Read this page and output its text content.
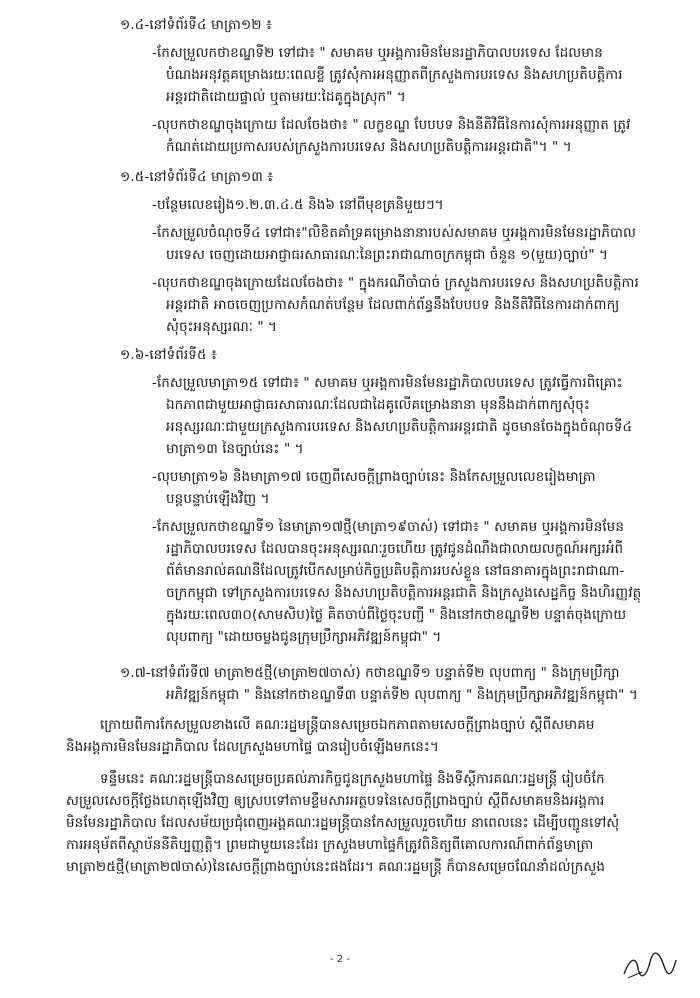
១.៤-នៅទំព័រទី៤ មាត្រា១២ ៖
-កែសម្រួលកថាខណ្ឌទី២ ទៅជា៖ " សមាគម ឬអង្គការមិនមែនរដ្ឋាភិបាលបរទេស ដែលមាន
បំណងអនុវត្តគម្រោងរយៈពេលខ្លី ត្រូវសុំការអនុញ្ញាតពីក្រសួងការបរទេស និងសហប្រតិបត្តិការ
អន្តរជាតិដោយផ្ទាល់ ឬតាមរយៈដៃគូក្នុងស្រុក" ។
-លុបកថាខណ្ឌចុងក្រោយ ដែលចែងថា៖ " លក្ខខណ្ឌ បែបបទ និងនីតិវិធីនៃការសុំការអនុញ្ញាត ត្រូវ
កំណត់ដោយប្រកាសរបស់ក្រសួងការបរទេស និងសហប្រតិបត្តិការអន្តរជាតិ"។ " ។
១.៥-នៅទំព័រទី៤ មាត្រា១៣ ៖
-បន្ថែមលេខរៀង១.២.៣.៤.៥ និង៦ នៅពីមុខត្រនិមួយៗ។
-កែសម្រួលចំណុចទី៤ ទៅជា៖"លិខិតគាំទ្រគម្រោងនានារបស់សមាគម ឬអង្គការមិនមែនរដ្ឋាភិបាល
បរទេស ចេញដោយអាជ្ញាធរសាធារណៈនៃព្រះរាជាណាចក្រកម្ពុជា ចំនួន ១(មួយ)ច្បាប់" ។
-លុបកថាខណ្ឌចុងក្រោយដែលចែងថា៖ " ក្នុងករណីចាំបាច់ ក្រសួងការបរទេស និងសហប្រតិបត្តិការ
អន្តរជាតិ អាចចេញប្រកាសកំណត់បន្ថែម ដែលពាក់ព័ន្ធនឹងបែបបទ និងនីតិវិធីនៃការដាក់ពាក្យ
សុំចុះអនុស្សរណៈ " ។
១.៦-នៅទំព័រទី៥ ៖
-កែសម្រួលមាត្រា១៥ ទៅជា៖ " សមាគម ឬអង្គការមិនមែនរដ្ឋាភិបាលបរទេស ត្រូវធ្វើការពិគ្រោះ
ឯកភាពជាមួយអាជ្ញាធរសាធារណៈដែលជាដៃគូលើគម្រោងនានា មុននឹងដាក់ពាក្យសុំចុះ
អនុស្សរណៈជាមួយក្រសួងការបរទេស និងសហប្រតិបត្តិការអន្តរជាតិ ដូចមានចែងក្នុងចំណុចទី៤
មាត្រា១៣ នៃច្បាប់នេះ " ។
-លុបមាត្រា១៦ និងមាត្រា១៧ ចេញពីសេចក្តីព្រាងច្បាប់នេះ និងកែសម្រួលលេខរៀងមាត្រា
បន្តបន្ទាប់ឡើងវិញ ។
-កែសម្រួលកថាខណ្ឌទី១ នៃមាត្រា១៧ថ្មី(មាត្រា១៩ចាស់) ទៅជា៖ " សមាគម ឬអង្គការមិនមែន
រដ្ឋាភិបាលបរទេស ដែលបានចុះអនុស្សរណៈរួចហើយ ត្រូវជូនដំណឹងជាលាយលក្ខណ៍អក្សរអំពី
ព័ត៌មានរាល់គណនីដែលត្រូវបើកសម្រាប់កិច្ចប្រតិបត្តិការរបស់ខ្លួន នៅធនាគារក្នុងព្រះរាជាណា-
ចក្រកម្ពុជា ទៅក្រសួងការបរទេស និងសហប្រតិបត្តិការអន្តរជាតិ និងក្រសួងសេដ្ឋកិច្ច និងហិរញ្ញវត្ថុ
ក្នុងរយៈពេល៣០(សាមសិប)ថ្ងៃ គិតចាប់ពីថ្ងៃចុះបញ្ជី " និងនៅកថាខណ្ឌទី២ បន្ទាត់ចុងក្រោយ
លុបពាក្យ "ដោយចម្លងជូនក្រុមប្រឹក្សាអភិវឌ្ឍន៍កម្ពុជា" ។
១.៧-នៅទំព័រទី៧ មាត្រា២៥ថ្មី(មាត្រា២៧ចាស់) កថាខណ្ឌទី១ បន្ទាត់ទី២ លុបពាក្យ " និងក្រុមប្រឹក្សា
អភិវឌ្ឍន៍កម្ពុជា " និងនៅកថាខណ្ឌទី៣ បន្ទាត់ទី២ លុបពាក្យ " និងក្រុមប្រឹក្សាអភិវឌ្ឍន៍កម្ពុជា" ។
ក្រោយពីការកែសម្រួលខាងលើ គណៈរដ្ឋមន្ត្រីបានសម្រេចឯកភាពតាមសេចក្តីព្រាងច្បាប់ ស្តីពីសមាគម
និងអង្គការមិនមែនរដ្ឋាភិបាល ដែលក្រសួងមហាផ្ទៃ បានរៀបចំឡើងមកនេះ។
ទន្ទឹមនេះ គណៈរដ្ឋមន្ត្រីបានសម្រេចប្រគល់ភារកិច្ចជូនក្រសួងមហាផ្ទៃ និងទីស្តីការគណៈរដ្ឋមន្ត្រី រៀបចំកែ
សម្រួលសេចក្តីថ្លែងហេតុឡើងវិញ ឲ្យស្របទៅតាមខ្លឹមសារអត្ថបទនៃសេចក្តីព្រាងច្បាប់ ស្តីពីសមាគមនិងអង្គការ
មិនមែនរដ្ឋាភិបាល ដែលសម័យប្រជុំពេញអង្គគណៈរដ្ឋមន្ត្រីបានកែសម្រួលរួចហើយ នាពេលនេះ ដើម្បីបញ្ជូនទៅសុំ
ការអនុម័តពីស្ថាប័ននីតិប្បញ្ញត្តិ។ ព្រមជាមួយនេះដែរ ក្រសួងមហាផ្ទៃក៏ត្រូវពិនិត្យពីគោលការណ៍ពាក់ព័ន្ធមាត្រា
មាត្រា២៥ថ្មី(មាត្រា២៧ចាស់)នៃសេចក្តីព្រាងច្បាប់នេះផងដែរ។ គណៈរដ្ឋមន្ត្រី ក៏បានសម្រេចណែនាំដល់ក្រសួង
- 2 -
